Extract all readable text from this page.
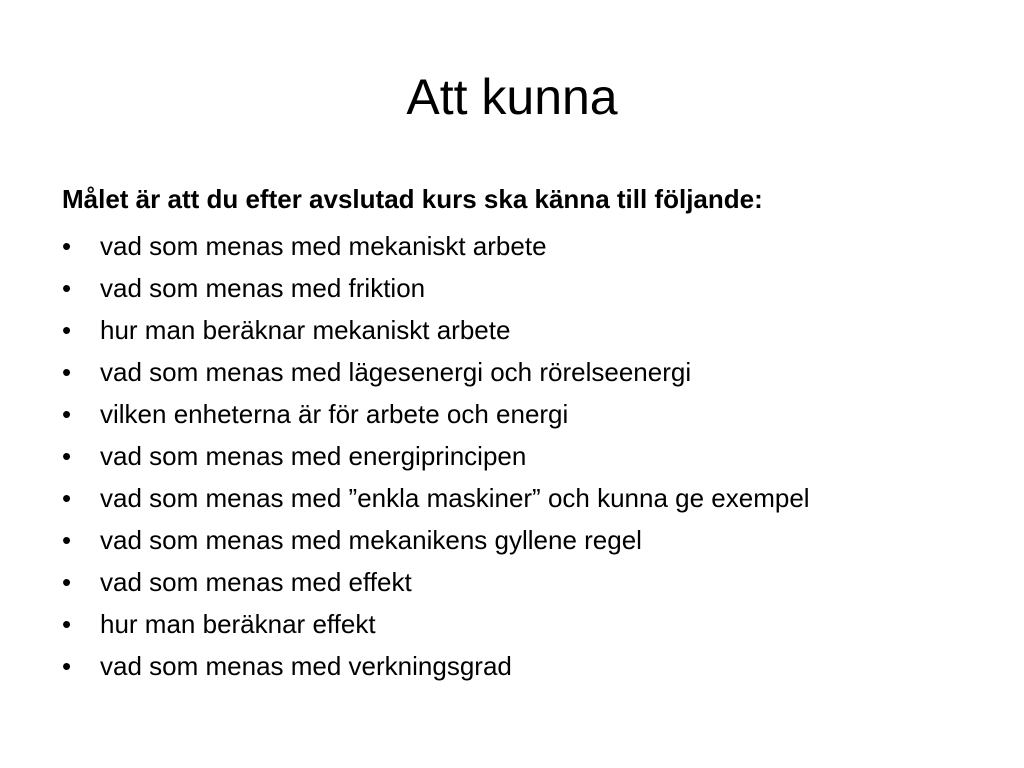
Att kunna

Målet är att du efter avslutad kurs ska känna till följande:

•	vad som menas med mekaniskt arbete
•	vad som menas med friktion
•	hur man beräknar mekaniskt arbete
•	vad som menas med lägesenergi och rörelseenergi
•	vilken enheterna är för arbete och energi
•	vad som menas med energiprincipen
•	vad som menas med ”enkla maskiner” och kunna ge exempel
•	vad som menas med mekanikens gyllene regel
•	vad som menas med effekt
•	hur man beräknar effekt
•	vad som menas med verkningsgrad
